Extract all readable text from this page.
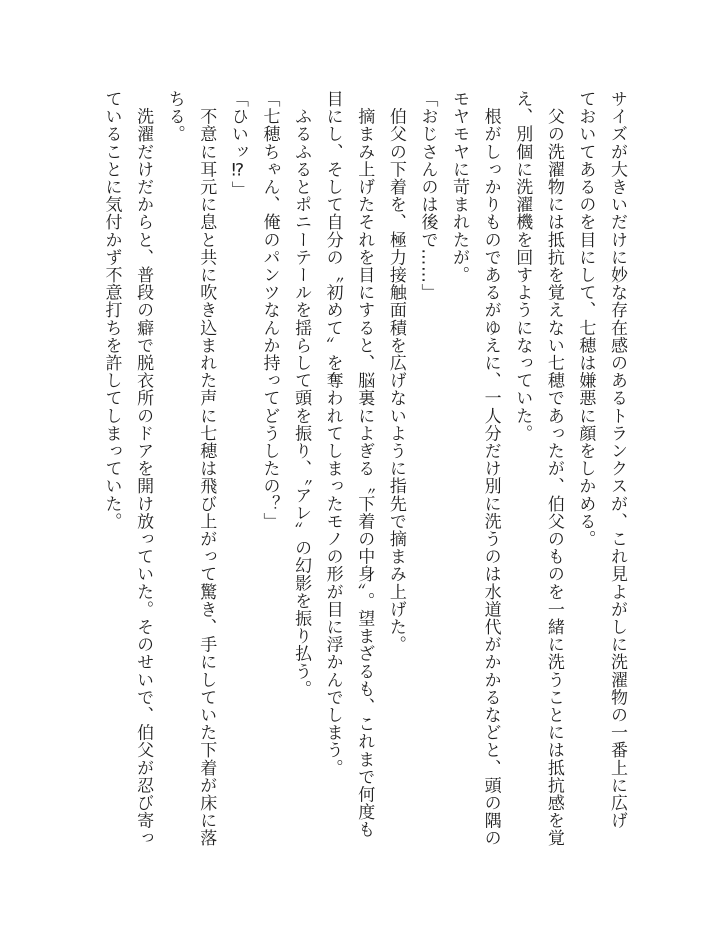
サイズが大きいだけに妙な存在感のあるトランクスが、これ見よがしに洗濯物の一番上に広げ
ておいてあるのを目にして、七穂は嫌悪に顔をしかめる。
　父の洗濯物には抵抗を覚えない七穂であったが、伯父のものを一緒に洗うことには抵抗感を覚
え、別個に洗濯機を回すようになっていた。
　根がしっかりものであるがゆえに、一人分だけ別に洗うのは水道代がかかるなどと、頭の隅の
モヤモヤに苛まれたが。
「おじさんのは後で……」
　伯父の下着を、極力接触面積を広げないように指先で摘まみ上げた。
　摘まみ上げたそれを目にすると、脳裏によぎる〝下着の中身〟。望まざるも、これまで何度も
目にし、そして自分の〝初めて〟を奪われてしまったモノの形が目に浮かんでしまう。
　ふるふるとポニーテールを揺らして頭を振り、〝アレ〟の幻影を振り払う。
「七穂ちゃん、俺のパンツなんか持ってどうしたの？」
「ひいッ⁉」
　不意に耳元に息と共に吹き込まれた声に七穂は飛び上がって驚き、手にしていた下着が床に落
ちる。
　洗濯だけだからと、普段の癖で脱衣所のドアを開け放っていた。そのせいで、伯父が忍び寄っ
ていることに気付かず不意打ちを許してしまっていた。
